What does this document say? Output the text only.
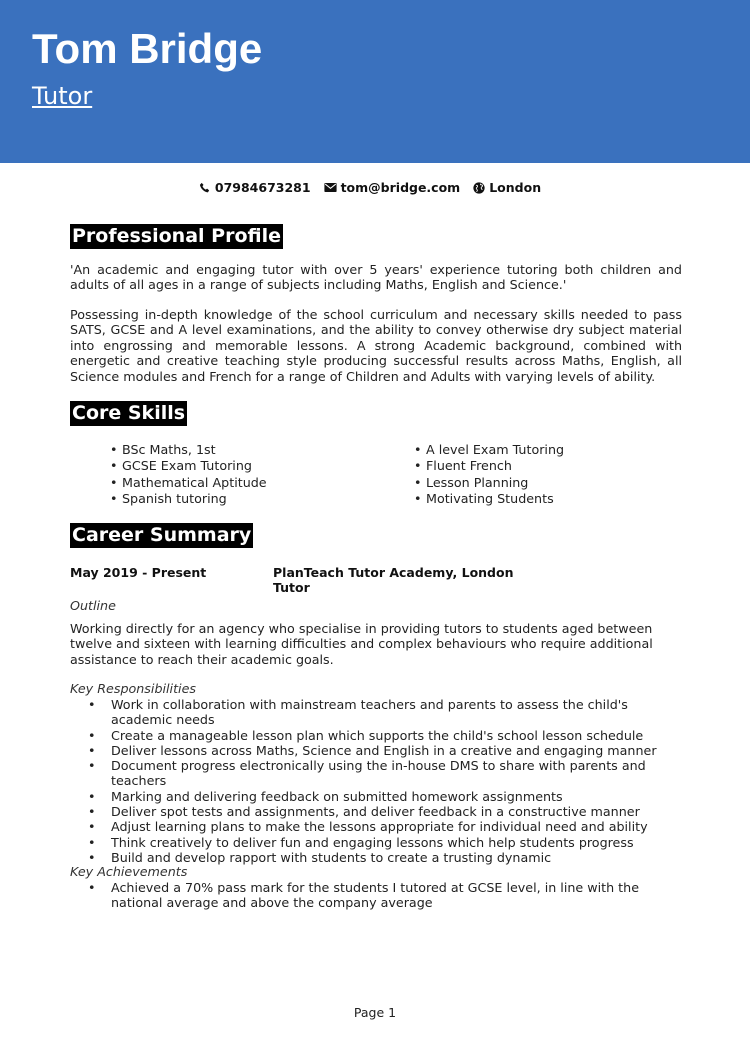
Tom Bridge
Tutor
07984673281 tom@bridge.com London
Professional Profile
'An academic and engaging tutor with over 5 years' experience tutoring both children and adults of all ages in a range of subjects including Maths, English and Science.'
Possessing in-depth knowledge of the school curriculum and necessary skills needed to pass SATS, GCSE and A level examinations, and the ability to convey otherwise dry subject material into engrossing and memorable lessons. A strong Academic background, combined with energetic and creative teaching style producing successful results across Maths, English, all Science modules and French for a range of Children and Adults with varying levels of ability.
Core Skills
• BSc Maths, 1st
• GCSE Exam Tutoring
• Mathematical Aptitude
• Spanish tutoring
• A level Exam Tutoring
• Fluent French
• Lesson Planning
• Motivating Students
Career Summary
May 2019 - Present	PlanTeach Tutor Academy, London
Tutor
Outline
Working directly for an agency who specialise in providing tutors to students aged between twelve and sixteen with learning difficulties and complex behaviours who require additional assistance to reach their academic goals.
Key Responsibilities
• Work in collaboration with mainstream teachers and parents to assess the child's academic needs
• Create a manageable lesson plan which supports the child's school lesson schedule
• Deliver lessons across Maths, Science and English in a creative and engaging manner
• Document progress electronically using the in-house DMS to share with parents and teachers
• Marking and delivering feedback on submitted homework assignments
• Deliver spot tests and assignments, and deliver feedback in a constructive manner
• Adjust learning plans to make the lessons appropriate for individual need and ability
• Think creatively to deliver fun and engaging lessons which help students progress
• Build and develop rapport with students to create a trusting dynamic
Key Achievements
• Achieved a 70% pass mark for the students I tutored at GCSE level, in line with the national average and above the company average
Page 1
